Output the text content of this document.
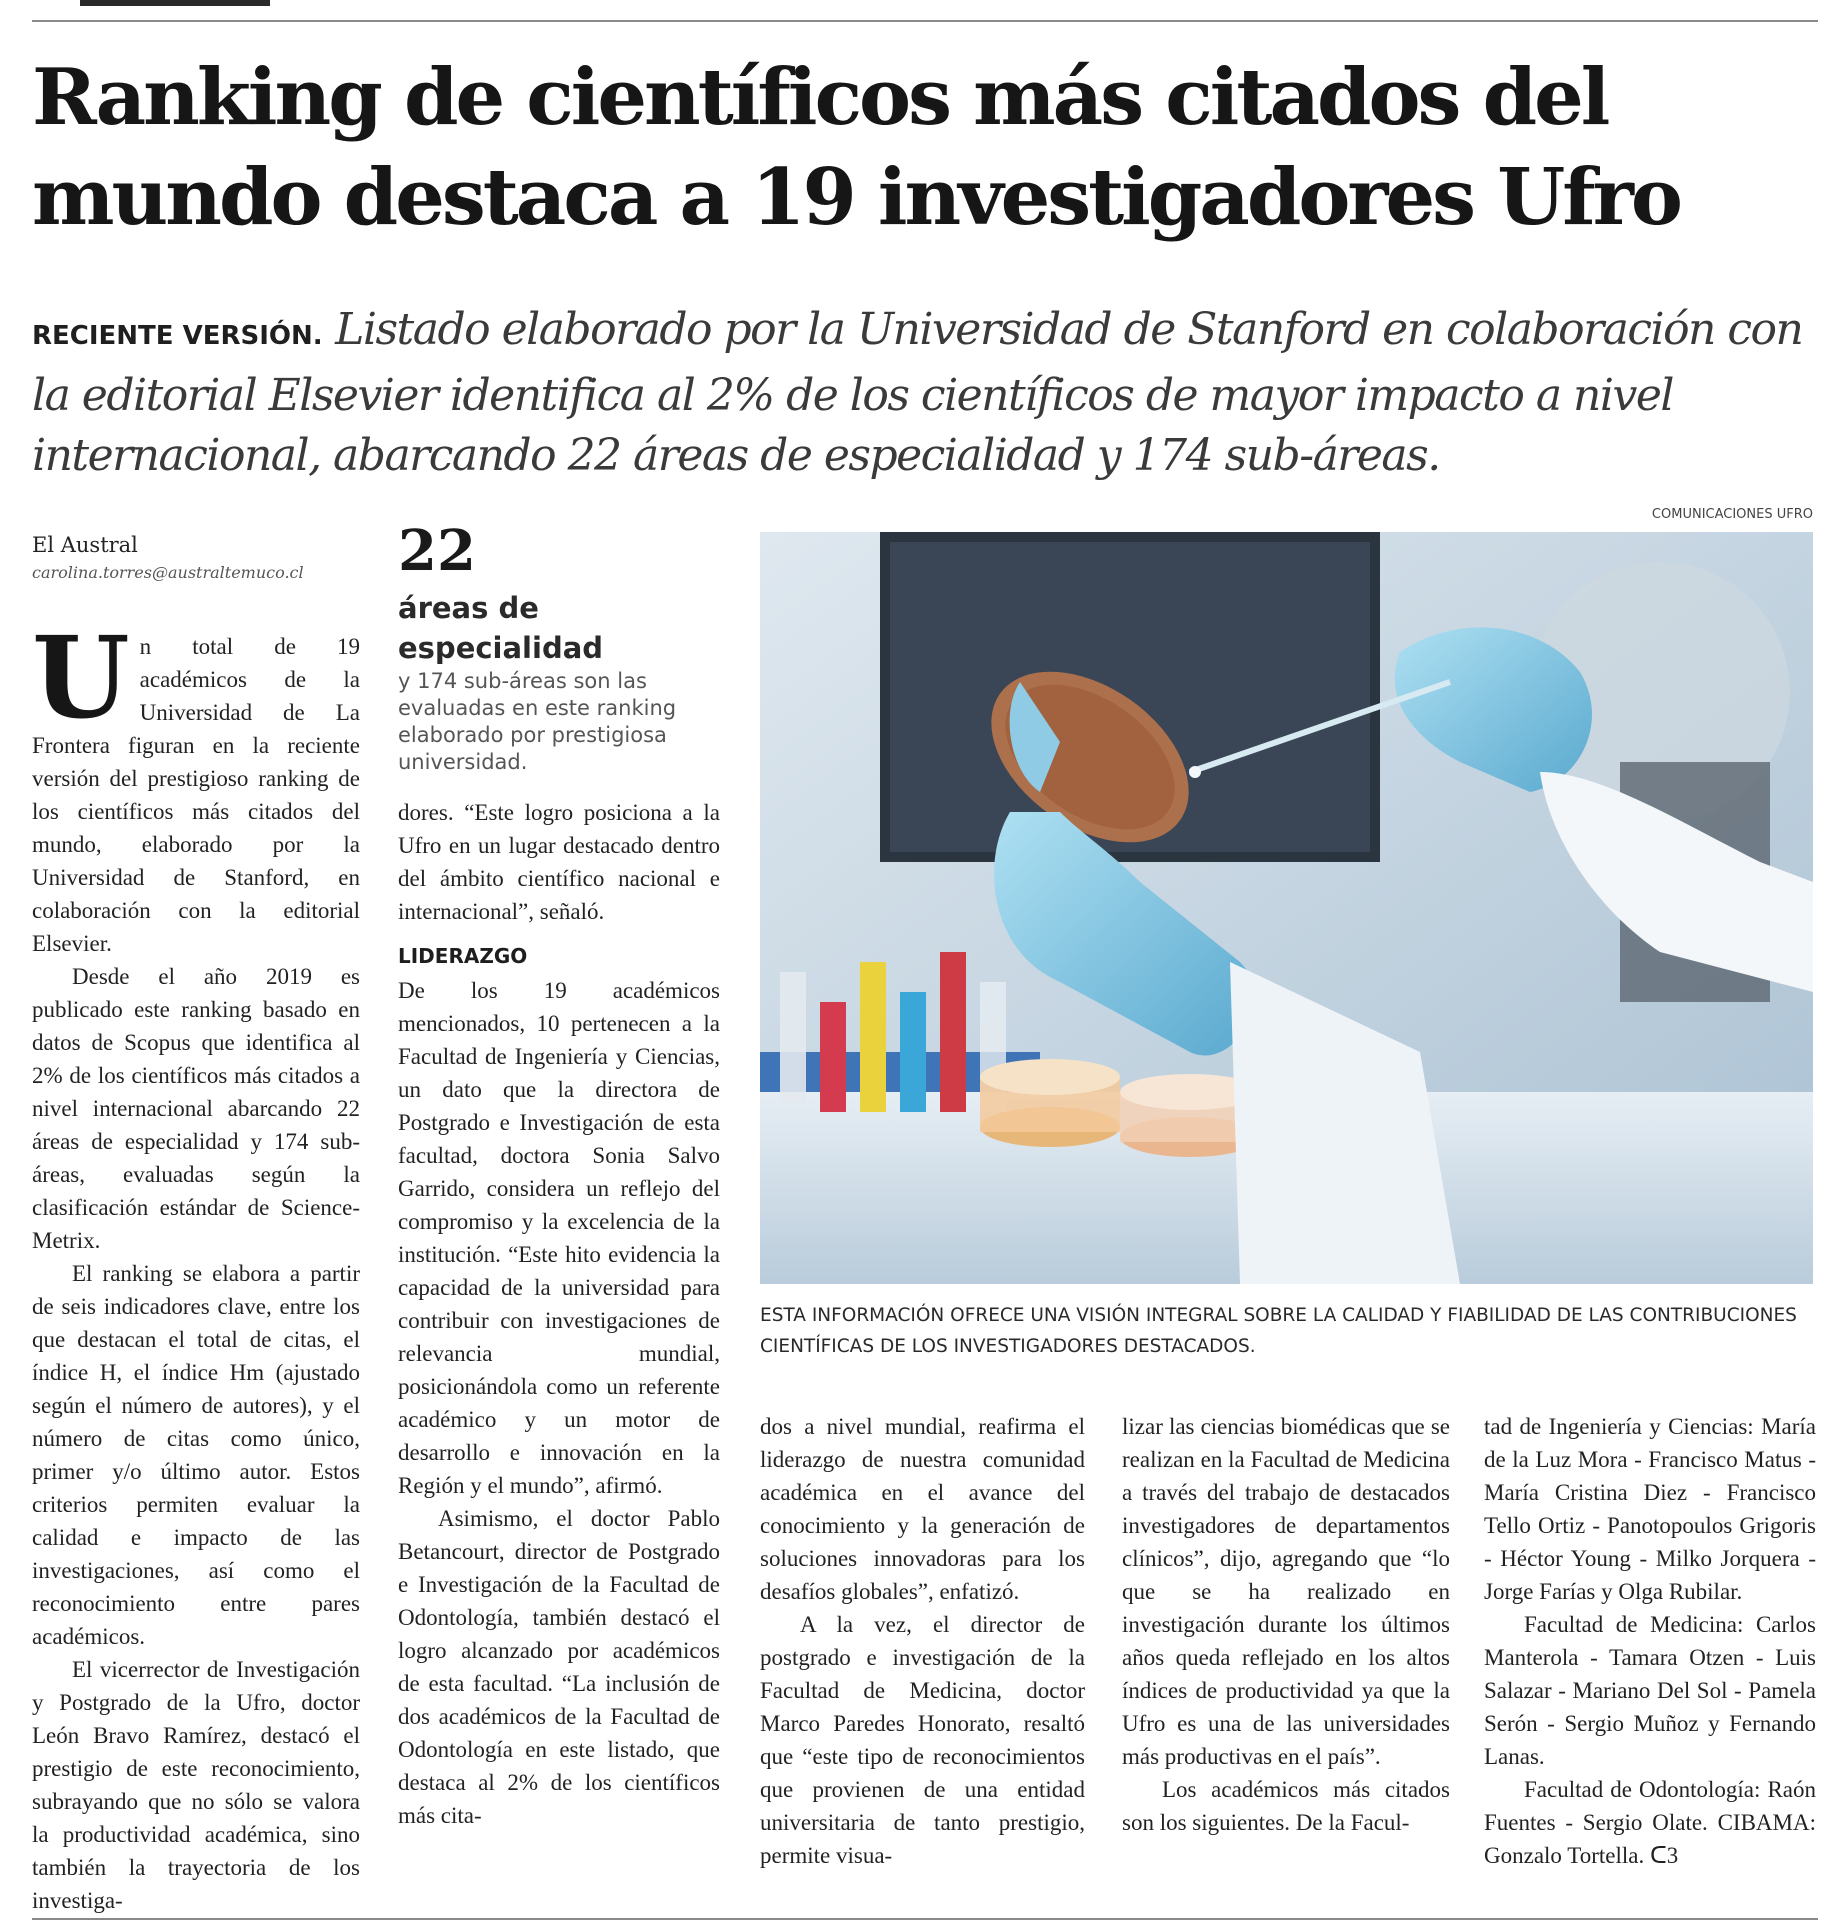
Ranking de científicos más citados del mundo destaca a 19 investigadores Ufro

RECIENTE VERSIÓN. Listado elaborado por la Universidad de Stanford en colaboración con la editorial Elsevier identifica al 2% de los científicos de mayor impacto a nivel internacional, abarcando 22 áreas de especialidad y 174 sub-áreas.

El Austral
carolina.torres@australtemuco.cl	22
áreas de especialidad
y 174 sub-áreas son las evaluadas en este ranking elaborado por prestigiosa universidad.
COMUNICACIONES UFRO

ESTA INFORMACIÓN OFRECE UNA VISIÓN INTEGRAL SOBRE LA CALIDAD Y FIABILIDAD DE LAS CONTRIBUCIONES CIENTÍFICAS DE LOS INVESTIGADORES DESTACADOS.

Un total de 19 académicos de la Universidad de La Frontera figuran en la reciente versión del prestigioso ranking de los científicos más citados del mundo, elaborado por la Universidad de Stanford, en colaboración con la editorial Elsevier.

Desde el año 2019 es publicado este ranking basado en datos de Scopus que identifica al 2% de los científicos más citados a nivel internacional abarcando 22 áreas de especialidad y 174 sub-áreas, evaluadas según la clasificación estándar de Science-Metrix.

El ranking se elabora a partir de seis indicadores clave, entre los que destacan el total de citas, el índice H, el índice Hm (ajustado según el número de autores), y el número de citas como único, primer y/o último autor. Estos criterios permiten evaluar la calidad e impacto de las investigaciones, así como el reconocimiento entre pares académicos.

El vicerrector de Investigación y Postgrado de la Ufro, doctor León Bravo Ramírez, destacó el prestigio de este reconocimiento, subrayando que no sólo se valora la productividad académica, sino también la trayectoria de los investiga-

dores. “Este logro posiciona a la Ufro en un lugar destacado dentro del ámbito científico nacional e internacional”, señaló.

LIDERAZGO

De los 19 académicos mencionados, 10 pertenecen a la Facultad de Ingeniería y Ciencias, un dato que la directora de Postgrado e Investigación de esta facultad, doctora Sonia Salvo Garrido, considera un reflejo del compromiso y la excelencia de la institución. “Este hito evidencia la capacidad de la universidad para contribuir con investigaciones de relevancia mundial, posicionándola como un referente académico y un motor de desarrollo e innovación en la Región y el mundo”, afirmó.

Asimismo, el doctor Pablo Betancourt, director de Postgrado e Investigación de la Facultad de Odontología, también destacó el logro alcanzado por académicos de esta facultad. “La inclusión de dos académicos de la Facultad de Odontología en este listado, que destaca al 2% de los científicos más cita-

dos a nivel mundial, reafirma el liderazgo de nuestra comunidad académica en el avance del conocimiento y la generación de soluciones innovadoras para los desafíos globales”, enfatizó.

A la vez, el director de postgrado e investigación de la Facultad de Medicina, doctor Marco Paredes Honorato, resaltó que “este tipo de reconocimientos que provienen de una entidad universitaria de tanto prestigio, permite visua-

lizar las ciencias biomédicas que se realizan en la Facultad de Medicina a través del trabajo de destacados investigadores de departamentos clínicos”, dijo, agregando que “lo que se ha realizado en investigación durante los últimos años queda reflejado en los altos índices de productividad ya que la Ufro es una de las universidades más productivas en el país”.

Los académicos más citados son los siguientes. De la Facul-

tad de Ingeniería y Ciencias: María de la Luz Mora - Francisco Matus - María Cristina Diez - Francisco Tello Ortiz - Panotopoulos Grigoris - Héctor Young - Milko Jorquera - Jorge Farías y Olga Rubilar.

Facultad de Medicina: Carlos Manterola - Tamara Otzen - Luis Salazar - Mariano Del Sol - Pamela Serón - Sergio Muñoz y Fernando Lanas.

Facultad de Odontología: Raón Fuentes - Sergio Olate. CIBAMA: Gonzalo Tortella. ᑕ3
